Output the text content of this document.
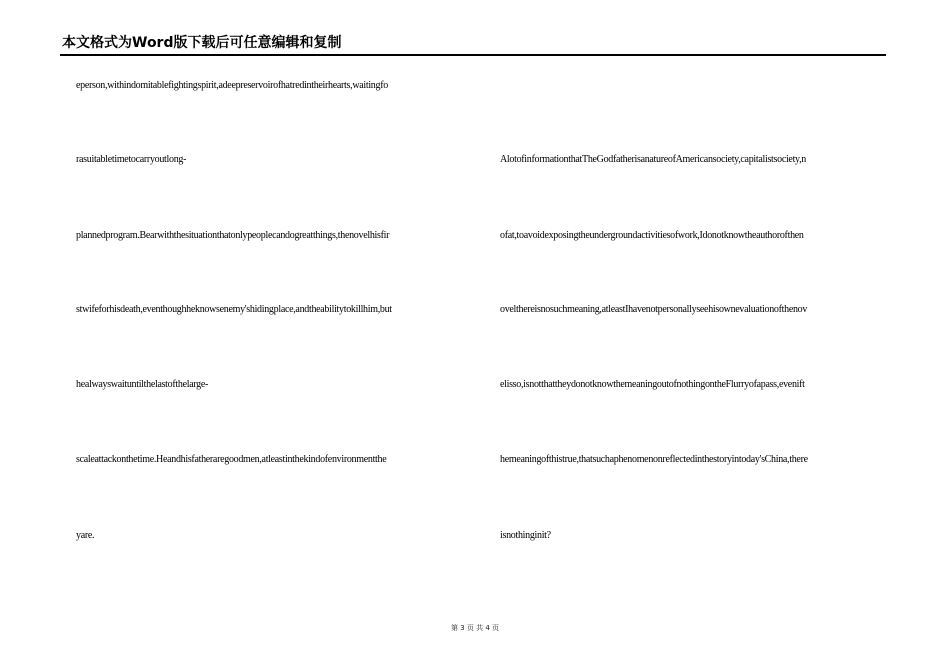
本文格式为Word版下载后可任意编辑和复制
eperson,withindomitablefightingspirit,adeepreservoirofhatredintheirhearts,waitingfo
rasuitabletimetocarryoutlong-
plannedprogram.Bearwiththesituationthatonlypeoplecandogreatthings,thenovelhisfir
stwifeforhisdeath,eventhoughheknowsenemy'shidingplace,andtheabilitytokillhim,but
healwayswaituntilthelastofthelarge-
scaleattackonthetime.Heandhisfatheraregoodmen,atleastinthekindofenvironmentthe
yare.
AlotofinformationthatTheGodfatherisanatureofAmericansociety,capitalistsociety,n
ofat,toavoidexposingtheundergroundactivitiesofwork,Idonotknowtheauthorofthen
ovelthereisnosuchmeaning,atleastIhavenotpersonallyseehisownevaluationofthenov
elisso,isnotthattheydonotknowthemeaningoutofnothingontheFlurryofapass,evenift
hemeaningofthistrue,thatsuchaphenomenonreflectedinthestoryintoday'sChina,there
isnothinginit?
第 3 页 共 4 页
